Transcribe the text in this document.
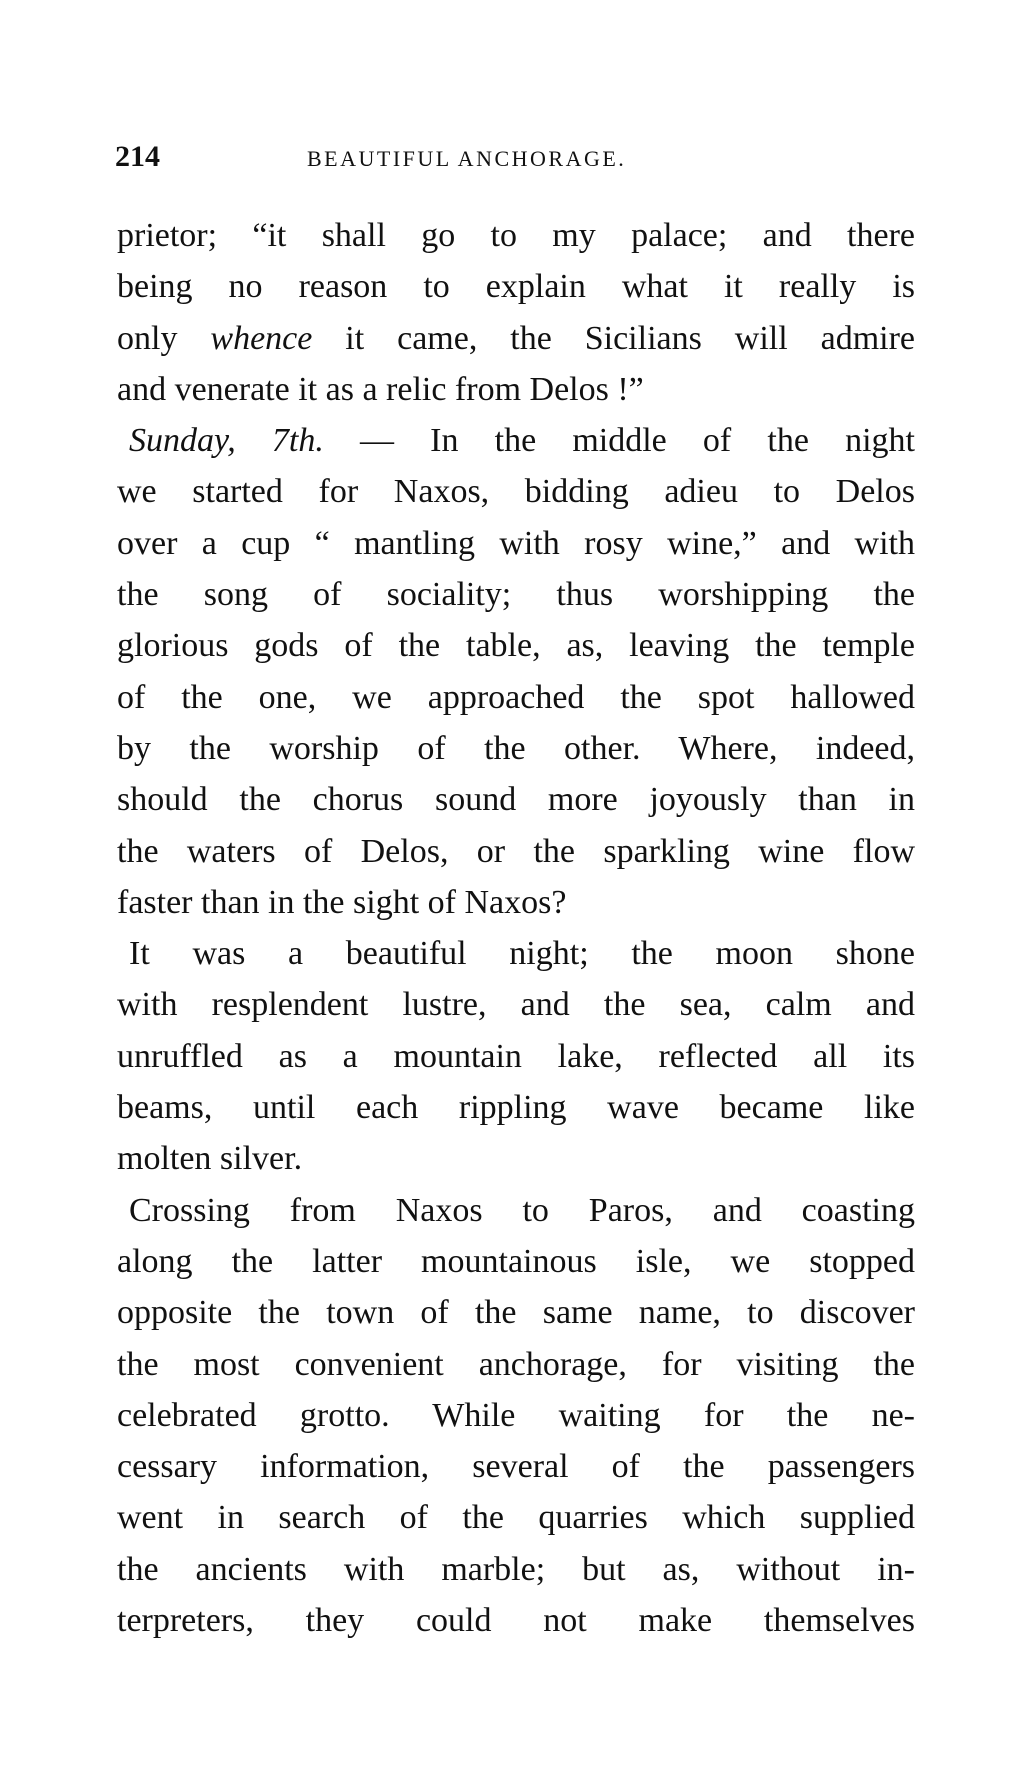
214	BEAUTIFUL ANCHORAGE.
prietor; “it shall go to my palace; and there
being no reason to explain what it really is
only whence it came, the Sicilians will admire
and venerate it as a relic from Delos !”
Sunday, 7th. — In the middle of the night
we started for Naxos, bidding adieu to Delos
over a cup “ mantling with rosy wine,” and with
the song of sociality; thus worshipping the
glorious gods of the table, as, leaving the temple
of the one, we approached the spot hallowed
by the worship of the other. Where, indeed,
should the chorus sound more joyously than in
the waters of Delos, or the sparkling wine flow
faster than in the sight of Naxos?
It was a beautiful night; the moon shone
with resplendent lustre, and the sea, calm and
unruffled as a mountain lake, reflected all its
beams, until each rippling wave became like
molten silver.
Crossing from Naxos to Paros, and coasting
along the latter mountainous isle, we stopped
opposite the town of the same name, to discover
the most convenient anchorage, for visiting the
celebrated grotto. While waiting for the ne-
cessary information, several of the passengers
went in search of the quarries which supplied
the ancients with marble; but as, without in-
terpreters, they could not make themselves
